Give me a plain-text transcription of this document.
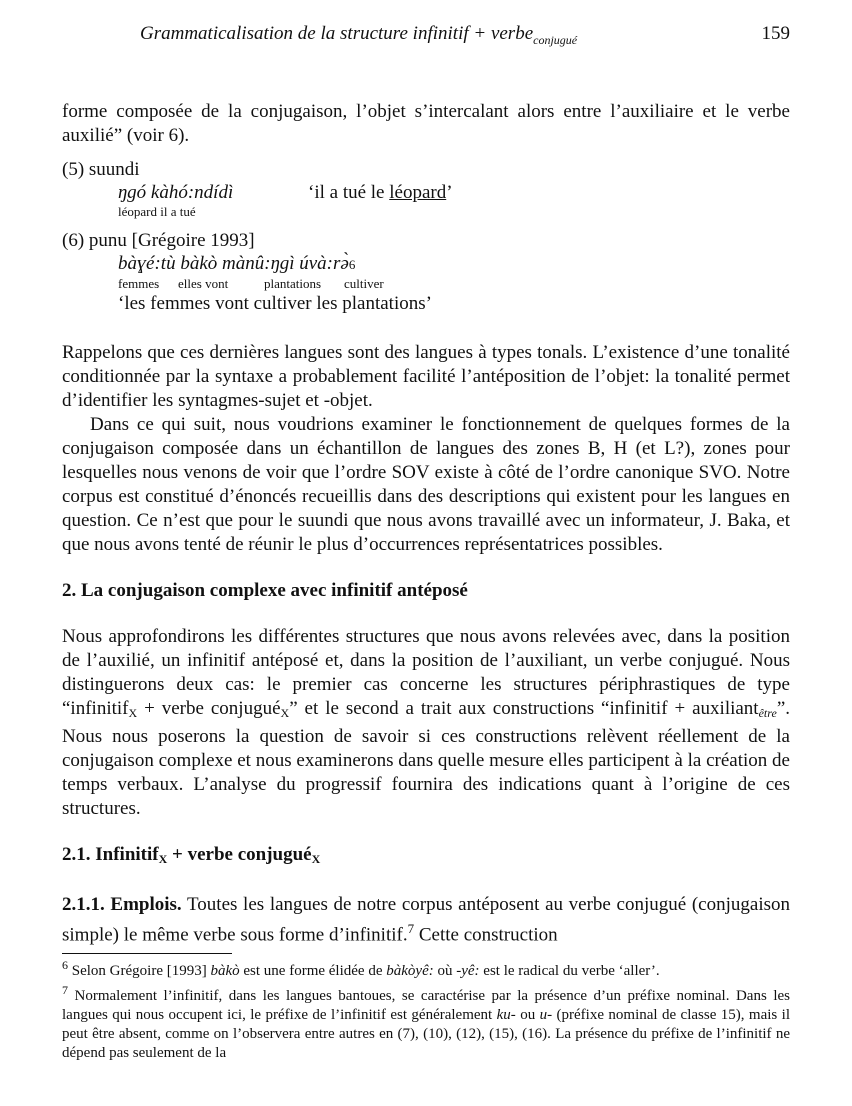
Grammaticalisation de la structure infinitif + verbe$_{conjugué}$	159

forme composée de la conjugaison, l’objet s’intercalant alors entre l’auxiliaire et le verbe auxilié” (voir 6).

(5) suundi
ŋgó kàhó:ndídì	‘il a tué le léopard’
léopard il a tué
(6) punu [Grégoire 1993]
bàɣé:tù bàkò mànû:ŋgì úvà:rə̀ 6
femmes	elles vont	plantations	cultiver
‘les femmes vont cultiver les plantations’

Rappelons que ces dernières langues sont des langues à types tonals. L’existence d’une tonalité conditionnée par la syntaxe a probablement facilité l’antéposition de l’objet: la tonalité permet d’identifier les syntagmes-sujet et -objet.

Dans ce qui suit, nous voudrions examiner le fonctionnement de quelques formes de la conjugaison composée dans un échantillon de langues des zones B, H (et L?), zones pour lesquelles nous venons de voir que l’ordre SOV existe à côté de l’ordre canonique SVO. Notre corpus est constitué d’énoncés recueillis dans des descriptions qui existent pour les langues en question. Ce n’est que pour le suundi que nous avons travaillé avec un informateur, J. Baka, et que nous avons tenté de réunir le plus d’occurrences représentatrices possibles.

2. La conjugaison complexe avec infinitif antéposé

Nous approfondirons les différentes structures que nous avons relevées avec, dans la position de l’auxilié, un infinitif antéposé et, dans la position de l’auxiliant, un verbe conjugué. Nous distinguerons deux cas: le premier cas concerne les structures périphrastiques de type “infinitif$_X$ + verbe conjugué$_X$” et le second a trait aux constructions “infinitif + auxiliantêtre”. Nous nous poserons la question de savoir si ces constructions relèvent réellement de la conjugaison complexe et nous examinerons dans quelle mesure elles participent à la création de temps verbaux. L’analyse du progressif fournira des indications quant à l’origine de ces structures.

2.1. Infinitif$_X$ + verbe conjugué$_X$

2.1.1. Emplois. Toutes les langues de notre corpus antéposent au verbe conjugué (conjugaison simple) le même verbe sous forme d’infinitif.$^7$ Cette construction

$^6$ Selon Grégoire [1993] bàkò est une forme élidée de bàkòyê: où -yê: est le radical du verbe ‘aller’.

$^7$ Normalement l’infinitif, dans les langues bantoues, se caractérise par la présence d’un préfixe nominal. Dans les langues qui nous occupent ici, le préfixe de l’infinitif est généralement ku- ou u- (préfixe nominal de classe 15), mais il peut être absent, comme on l’observera entre autres en (7), (10), (12), (15), (16). La présence du préfixe de l’infinitif ne dépend pas seulement de la
